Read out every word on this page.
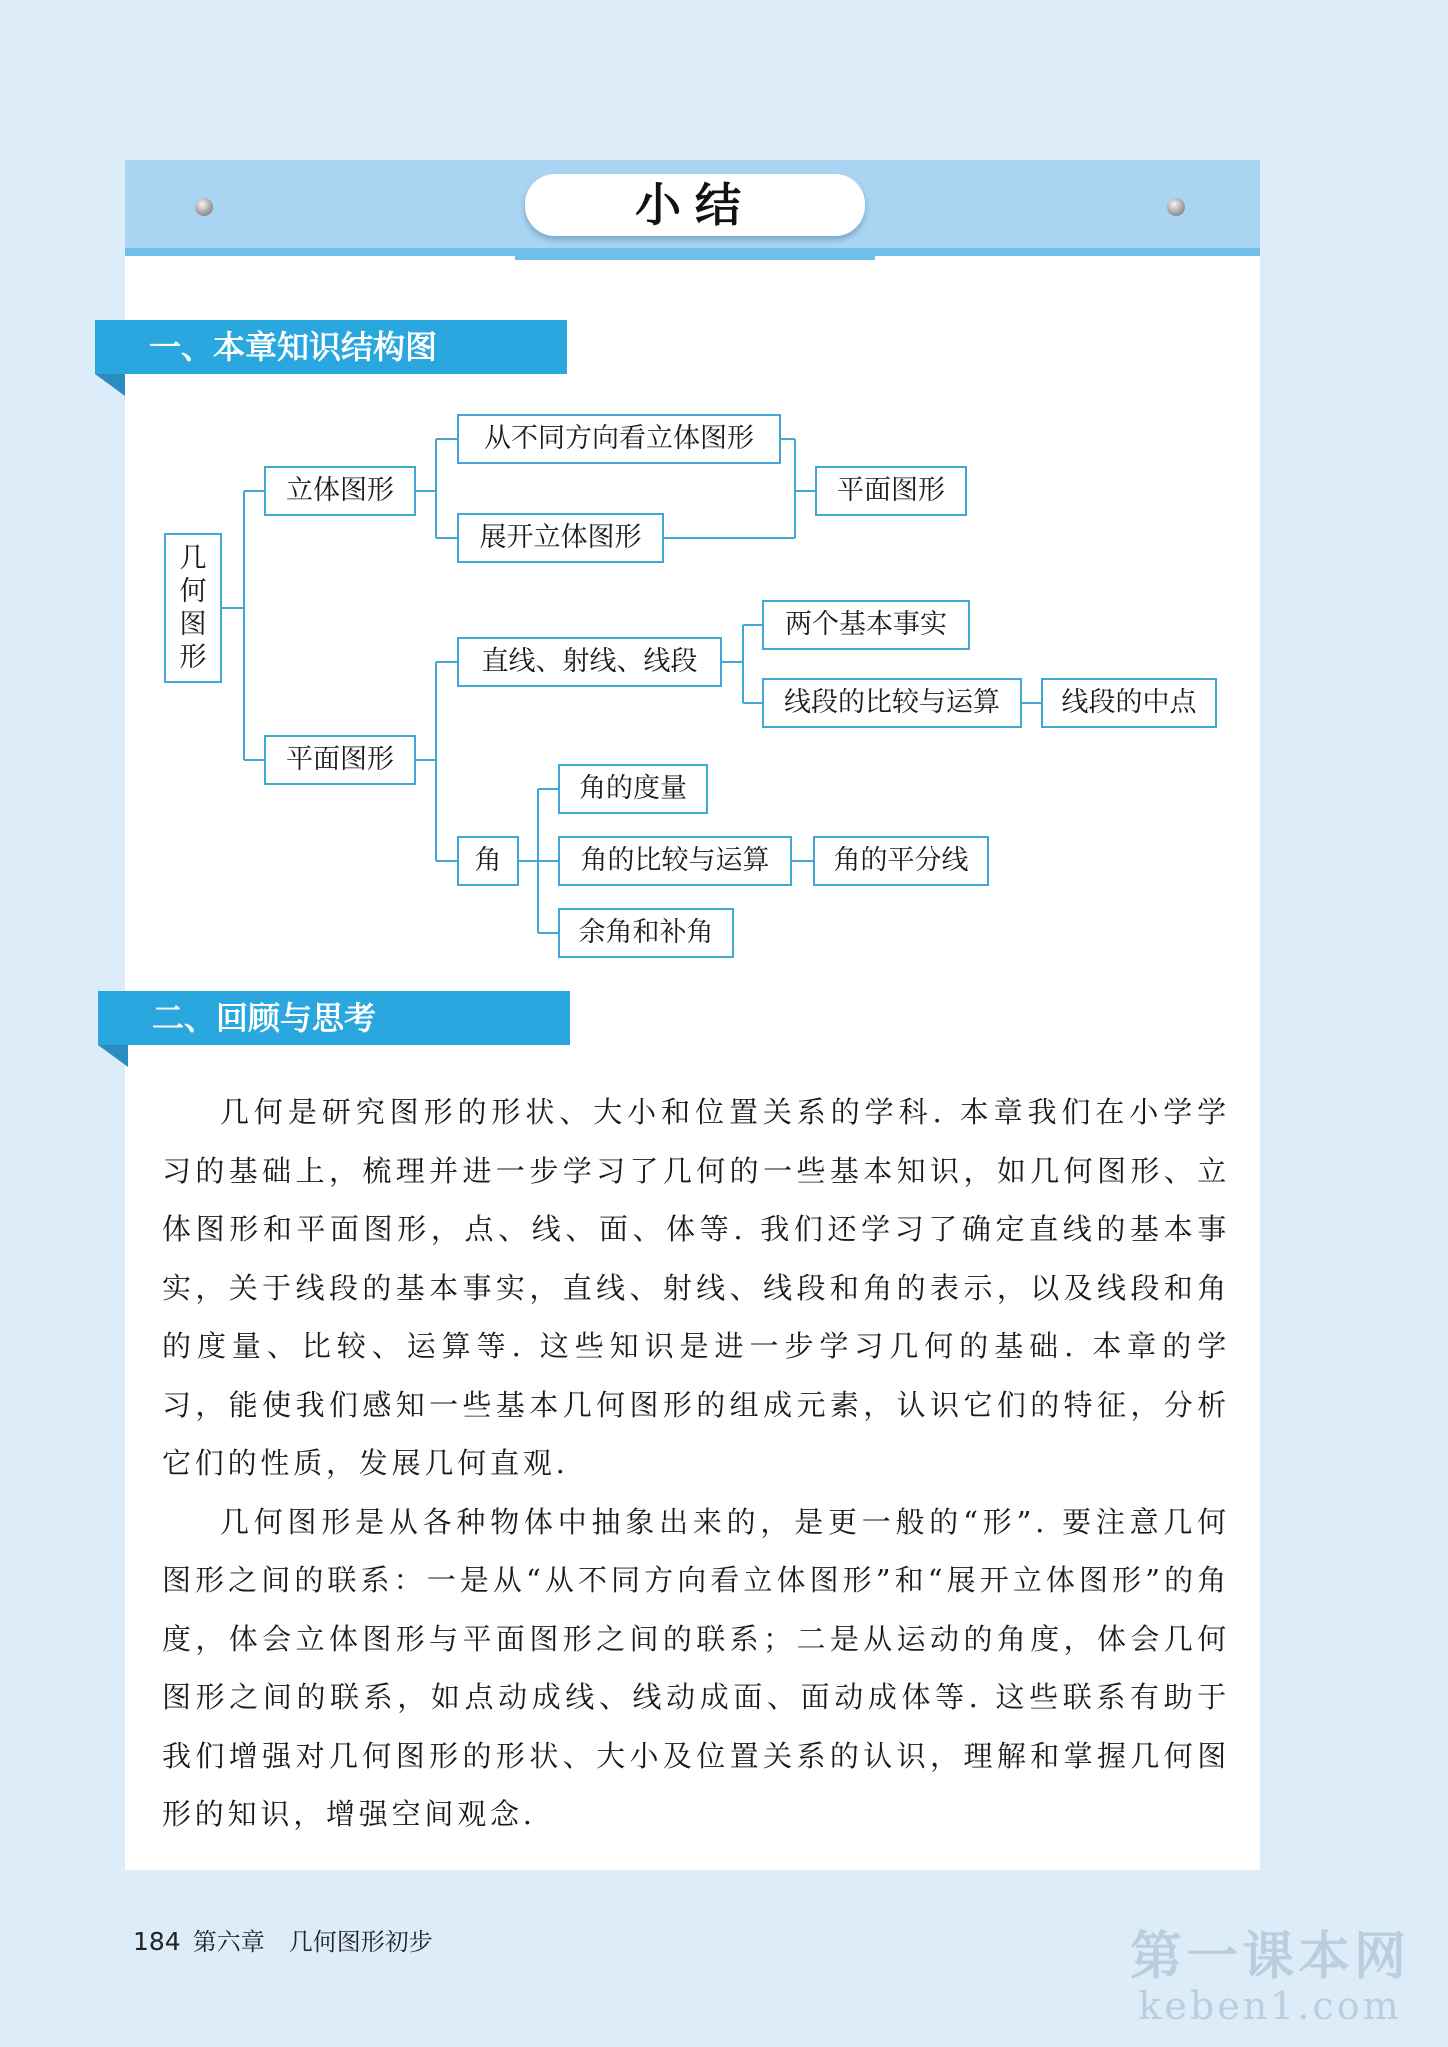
小结
一、本章知识结构图
几
何
图
形
立体图形
从不同方向看立体图形
展开立体图形
平面图形
平面图形
直线、射线、线段
两个基本事实
线段的比较与运算	线段的中点
角
角的度量
角的比较与运算	角的平分线
余角和补角
二、回顾与思考

几何是研究图形的形状、大小和位置关系的学科. 本章我们在小学学习的基础上，梳理并进一步学习了几何的一些基本知识，如几何图形、立体图形和平面图形，点、线、面、体等. 我们还学习了确定直线的基本事实，关于线段的基本事实，直线、射线、线段和角的表示，以及线段和角的度量、比较、运算等. 这些知识是进一步学习几何的基础. 本章的学习，能使我们感知一些基本几何图形的组成元素，认识它们的特征，分析它们的性质，发展几何直观.

几何图形是从各种物体中抽象出来的，是更一般的“形”. 要注意几何图形之间的联系：一是从“从不同方向看立体图形”和“展开立体图形”的角度，体会立体图形与平面图形之间的联系；二是从运动的角度，体会几何图形之间的联系，如点动成线、线动成面、面动成体等. 这些联系有助于我们增强对几何图形的形状、大小及位置关系的认识，理解和掌握几何图形的知识，增强空间观念.

184 第六章　几何图形初步	第一课本网
keben1.com
